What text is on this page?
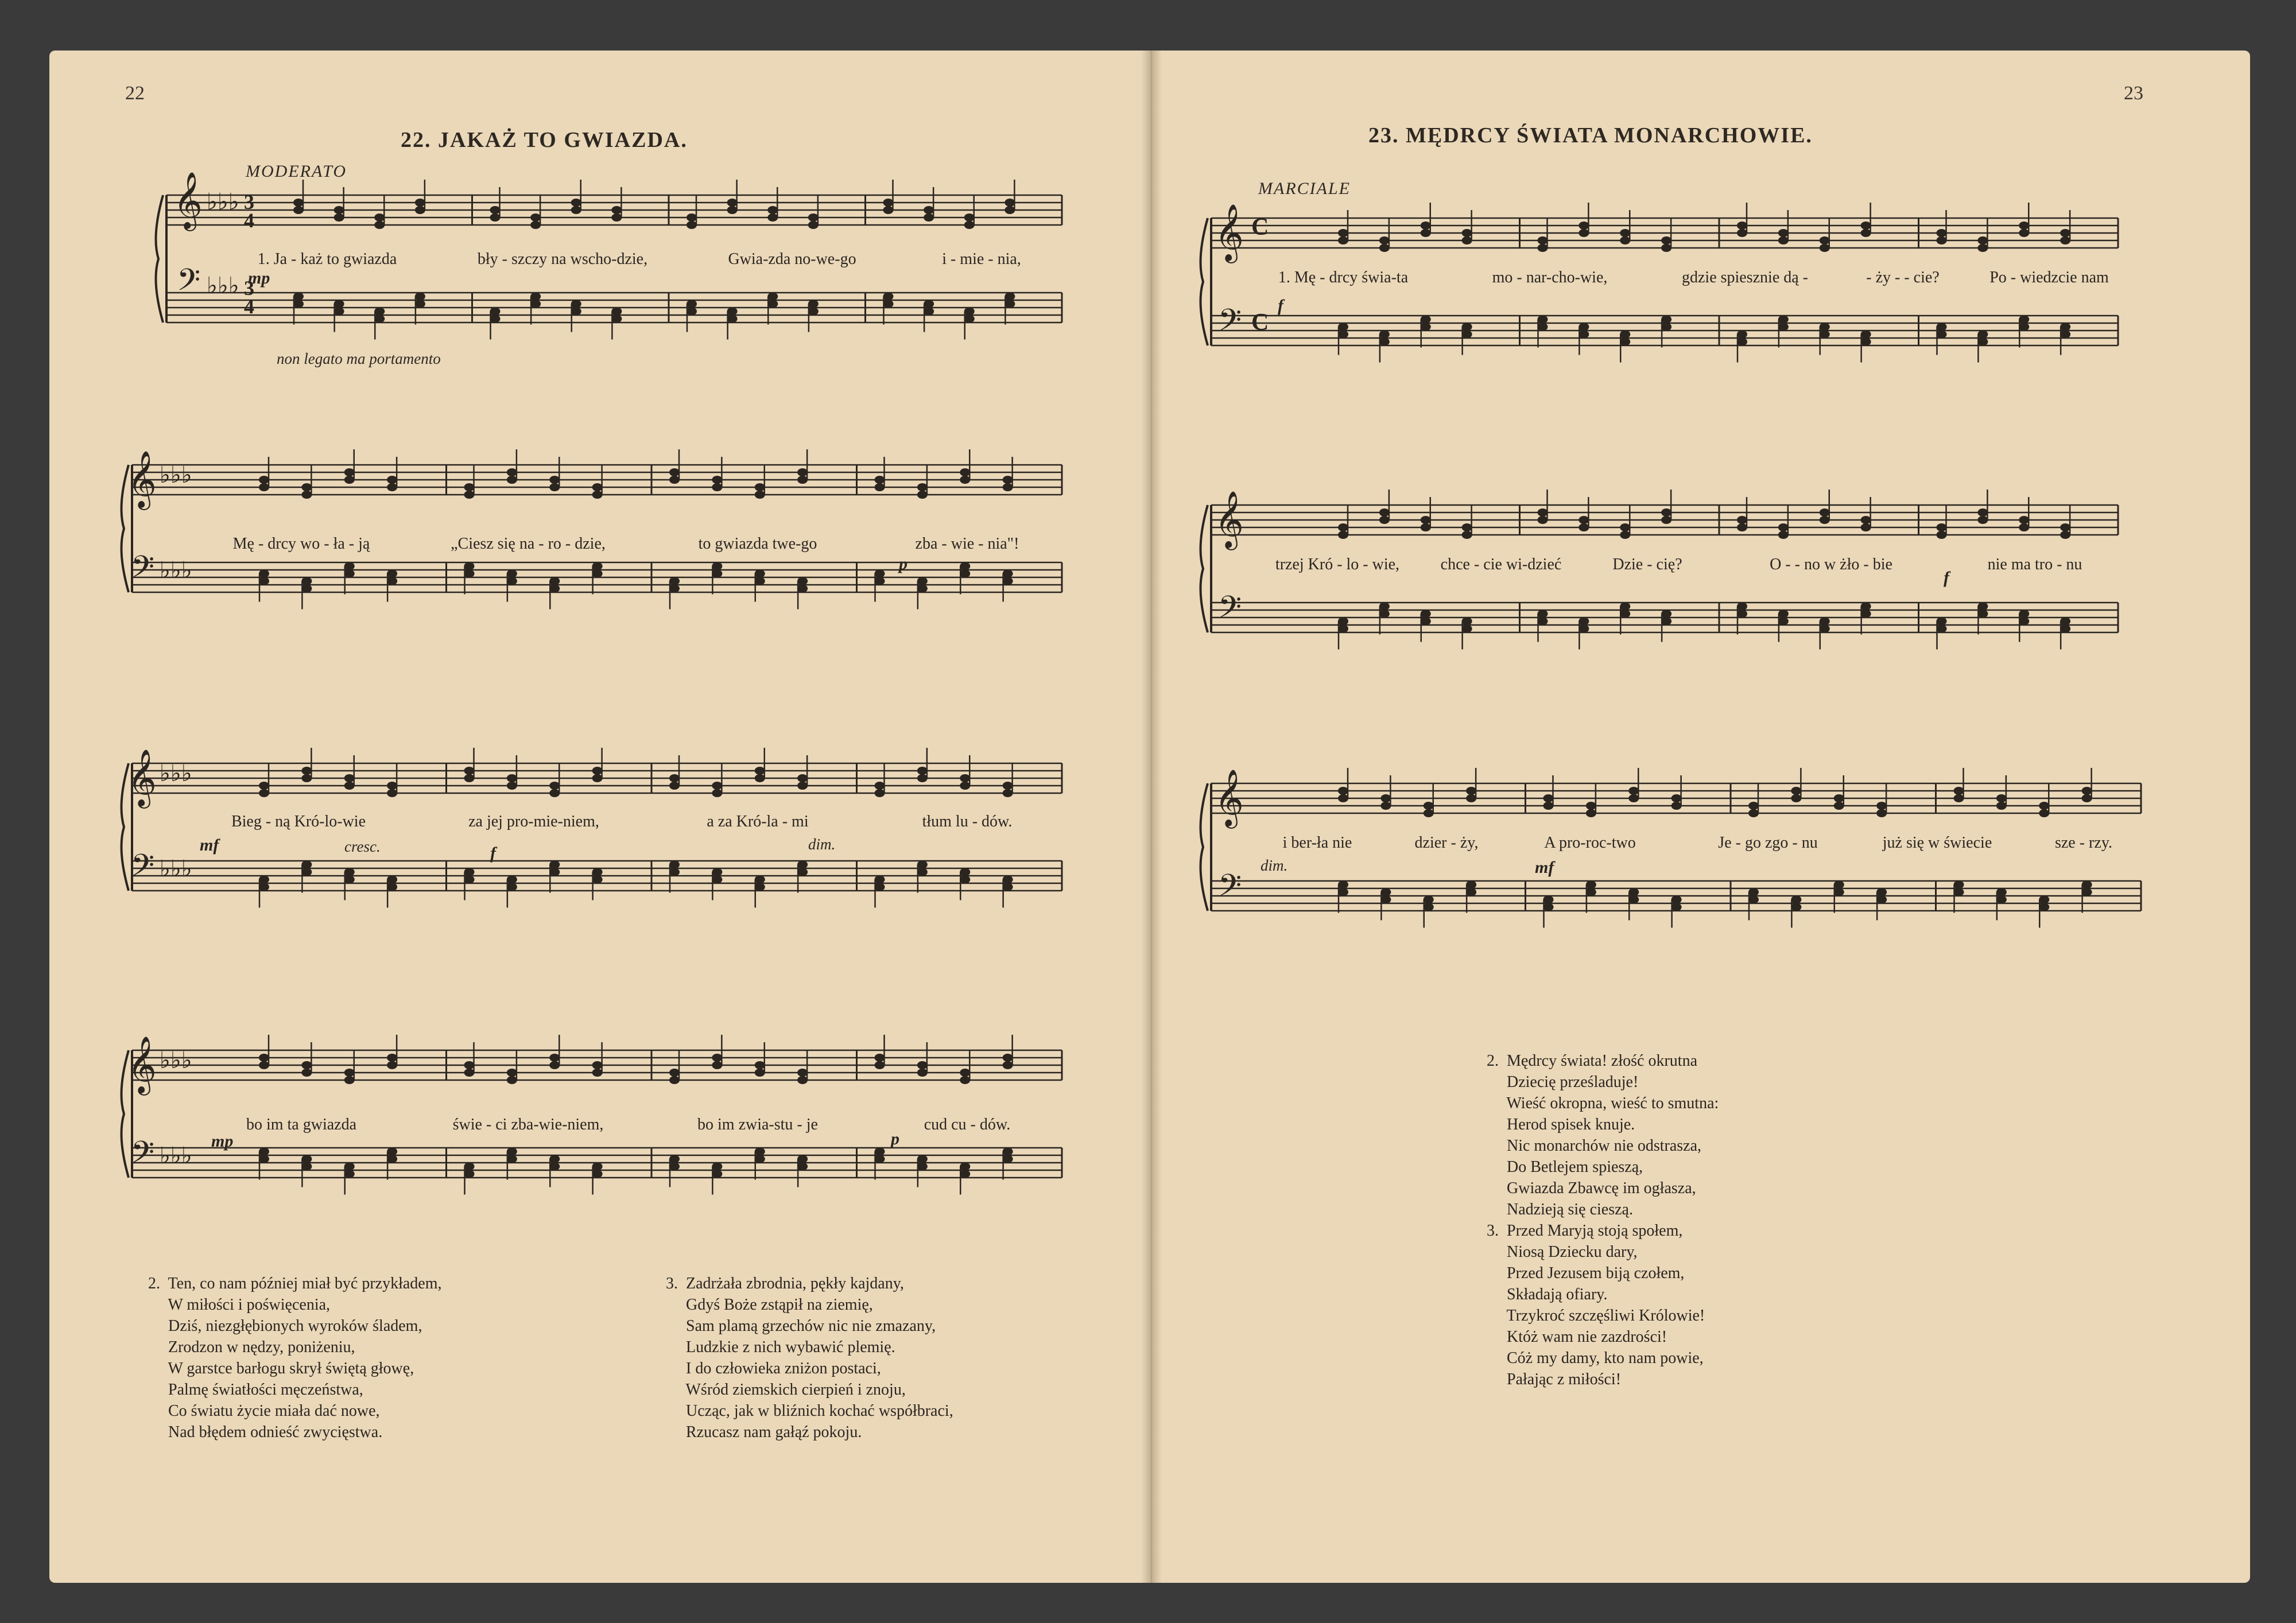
22
22. JAKAŻ TO GWIAZDA.
MODERATO
non legato ma portamento
𝄞
𝄢
♭♭♭
♭♭♭
3
4
3
4
1. Ja - każ to gwiazda	bły - szczy na wscho-dzie,	Gwia-zda no-we-go	i - mie - nia,
mp
𝄞
𝄢
♭♭♭
♭♭♭
Mę - drcy wo - ła - ją	„Ciesz się na - ro - dzie,	to gwiazda twe-go	zba - wie - nia"!
p
𝄞
𝄢
♭♭♭
♭♭♭
Bieg - ną Kró-lo-wie	za jej pro-mie-niem,	a za Kró-la - mi	tłum lu - dów.
mf	cresc.	f	dim.
𝄞
𝄢
♭♭♭
♭♭♭
bo im ta gwiazda	świe - ci zba-wie-niem,	bo im zwia-stu - je	cud cu - dów.
mp	p
2.  Ten, co nam później miał być przykładem,
W miłości i poświęcenia,
Dziś, niezgłębionych wyroków śladem,
Zrodzon w nędzy, poniżeniu,
W garstce barłogu skrył świętą głowę,
Palmę światłości męczeństwa,
Co światu życie miała dać nowe,
Nad błędem odnieść zwycięstwa.
3.  Zadrżała zbrodnia, pękły kajdany,
Gdyś Boże zstąpił na ziemię,
Sam plamą grzechów nic nie zmazany,
Ludzkie z nich wybawić plemię.
I do człowieka zniżon postaci,
Wśród ziemskich cierpień i znoju,
Ucząc, jak w bliźnich kochać współbraci,
Rzucasz nam gałąź pokoju.
23
23. MĘDRCY ŚWIATA MONARCHOWIE.
MARCIALE
𝄞
𝄢
C
C
1. Mę - drcy świa-ta	mo - nar-cho-wie,	gdzie spiesznie dą -	- ży - - cie?	Po - wiedzcie nam
f
𝄞
𝄢
trzej Kró - lo - wie,	chce - cie wi-dzieć	Dzie - cię?	O - - no w żło - bie	nie ma tro - nu
f
𝄞
𝄢
i ber-ła nie	dzier - ży,	A pro-roc-two	Je - go zgo - nu	już się w świecie	sze - rzy.
dim.	mf
2.  Mędrcy świata! złość okrutna
Dziecię prześladuje!
Wieść okropna, wieść to smutna:
Herod spisek knuje.
Nic monarchów nie odstrasza,
Do Betlejem spieszą,
Gwiazda Zbawcę im ogłasza,
Nadzieją się cieszą.
3.  Przed Maryją stoją społem,
Niosą Dziecku dary,
Przed Jezusem biją czołem,
Składają ofiary.
Trzykroć szczęśliwi Królowie!
Któż wam nie zazdrości!
Cóż my damy, kto nam powie,
Pałając z miłości!
